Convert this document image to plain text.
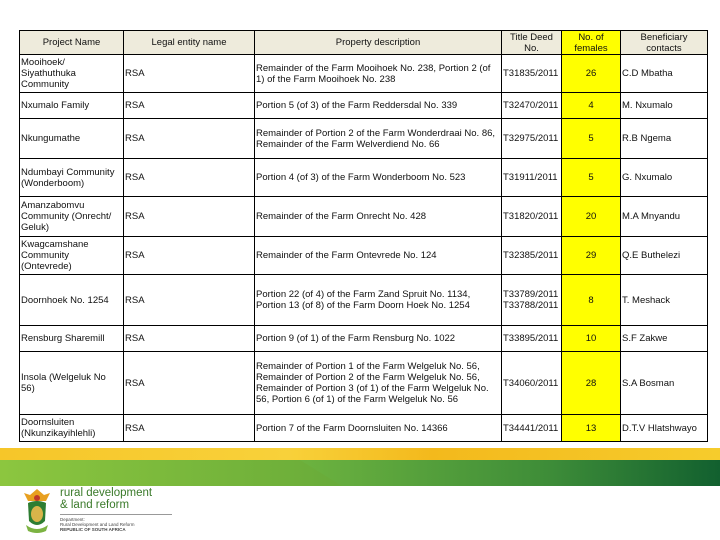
Project Name	Legal entity name	Property description	Title Deed No.	No. of females	Beneficiary contacts
Mooihoek/ Siyathuthuka Community	RSA	Remainder of the Farm Mooihoek No. 238, Portion 2 (of 1) of the Farm Mooihoek No. 238	T31835/2011	26	C.D Mbatha
Nxumalo Family	RSA	Portion 5 (of 3) of the Farm Reddersdal No. 339	T32470/2011	4	M. Nxumalo
Nkungumathe	RSA	Remainder of Portion 2 of the Farm Wonderdraai No. 86, Remainder of the Farm Welverdiend No. 66	T32975/2011	5	R.B Ngema
Ndumbayi Community (Wonderboom)	RSA	Portion 4 (of 3) of the Farm Wonderboom No. 523	T31911/2011	5	G. Nxumalo
Amanzabomvu Community (Onrecht/ Geluk)	RSA	Remainder of the Farm Onrecht No. 428	T31820/2011	20	M.A Mnyandu
Kwagcamshane Community (Ontevrede)	RSA	Remainder of the Farm Ontevrede No. 124	T32385/2011	29	Q.E Buthelezi
Doornhoek No. 1254	RSA	Portion 22 (of 4) of the Farm Zand Spruit No. 1134, Portion 13 (of 8) of the Farm Doorn Hoek No. 1254	T33789/2011 T33788/2011	8	T. Meshack
Rensburg Sharemill	RSA	Portion 9 (of 1) of the Farm Rensburg No. 1022	T33895/2011	10	S.F Zakwe
Insola (Welgeluk No 56)	RSA	Remainder of Portion 1 of the Farm Welgeluk No. 56, Remainder of Portion 2 of the Farm Welgeluk No. 56, Remainder of Portion 3 (of 1) of the Farm Welgeluk No. 56, Portion 6 (of 1) of the Farm Welgeluk No. 56	T34060/2011	28	S.A Bosman
Doornsluiten (Nkunzikayihlehli)	RSA	Portion 7 of the Farm Doornsluiten No. 14366	T34441/2011	13	D.T.V Hlatshwayo
rural development
& land reform
Department:
Rural Development and Land Reform
REPUBLIC OF SOUTH AFRICA
